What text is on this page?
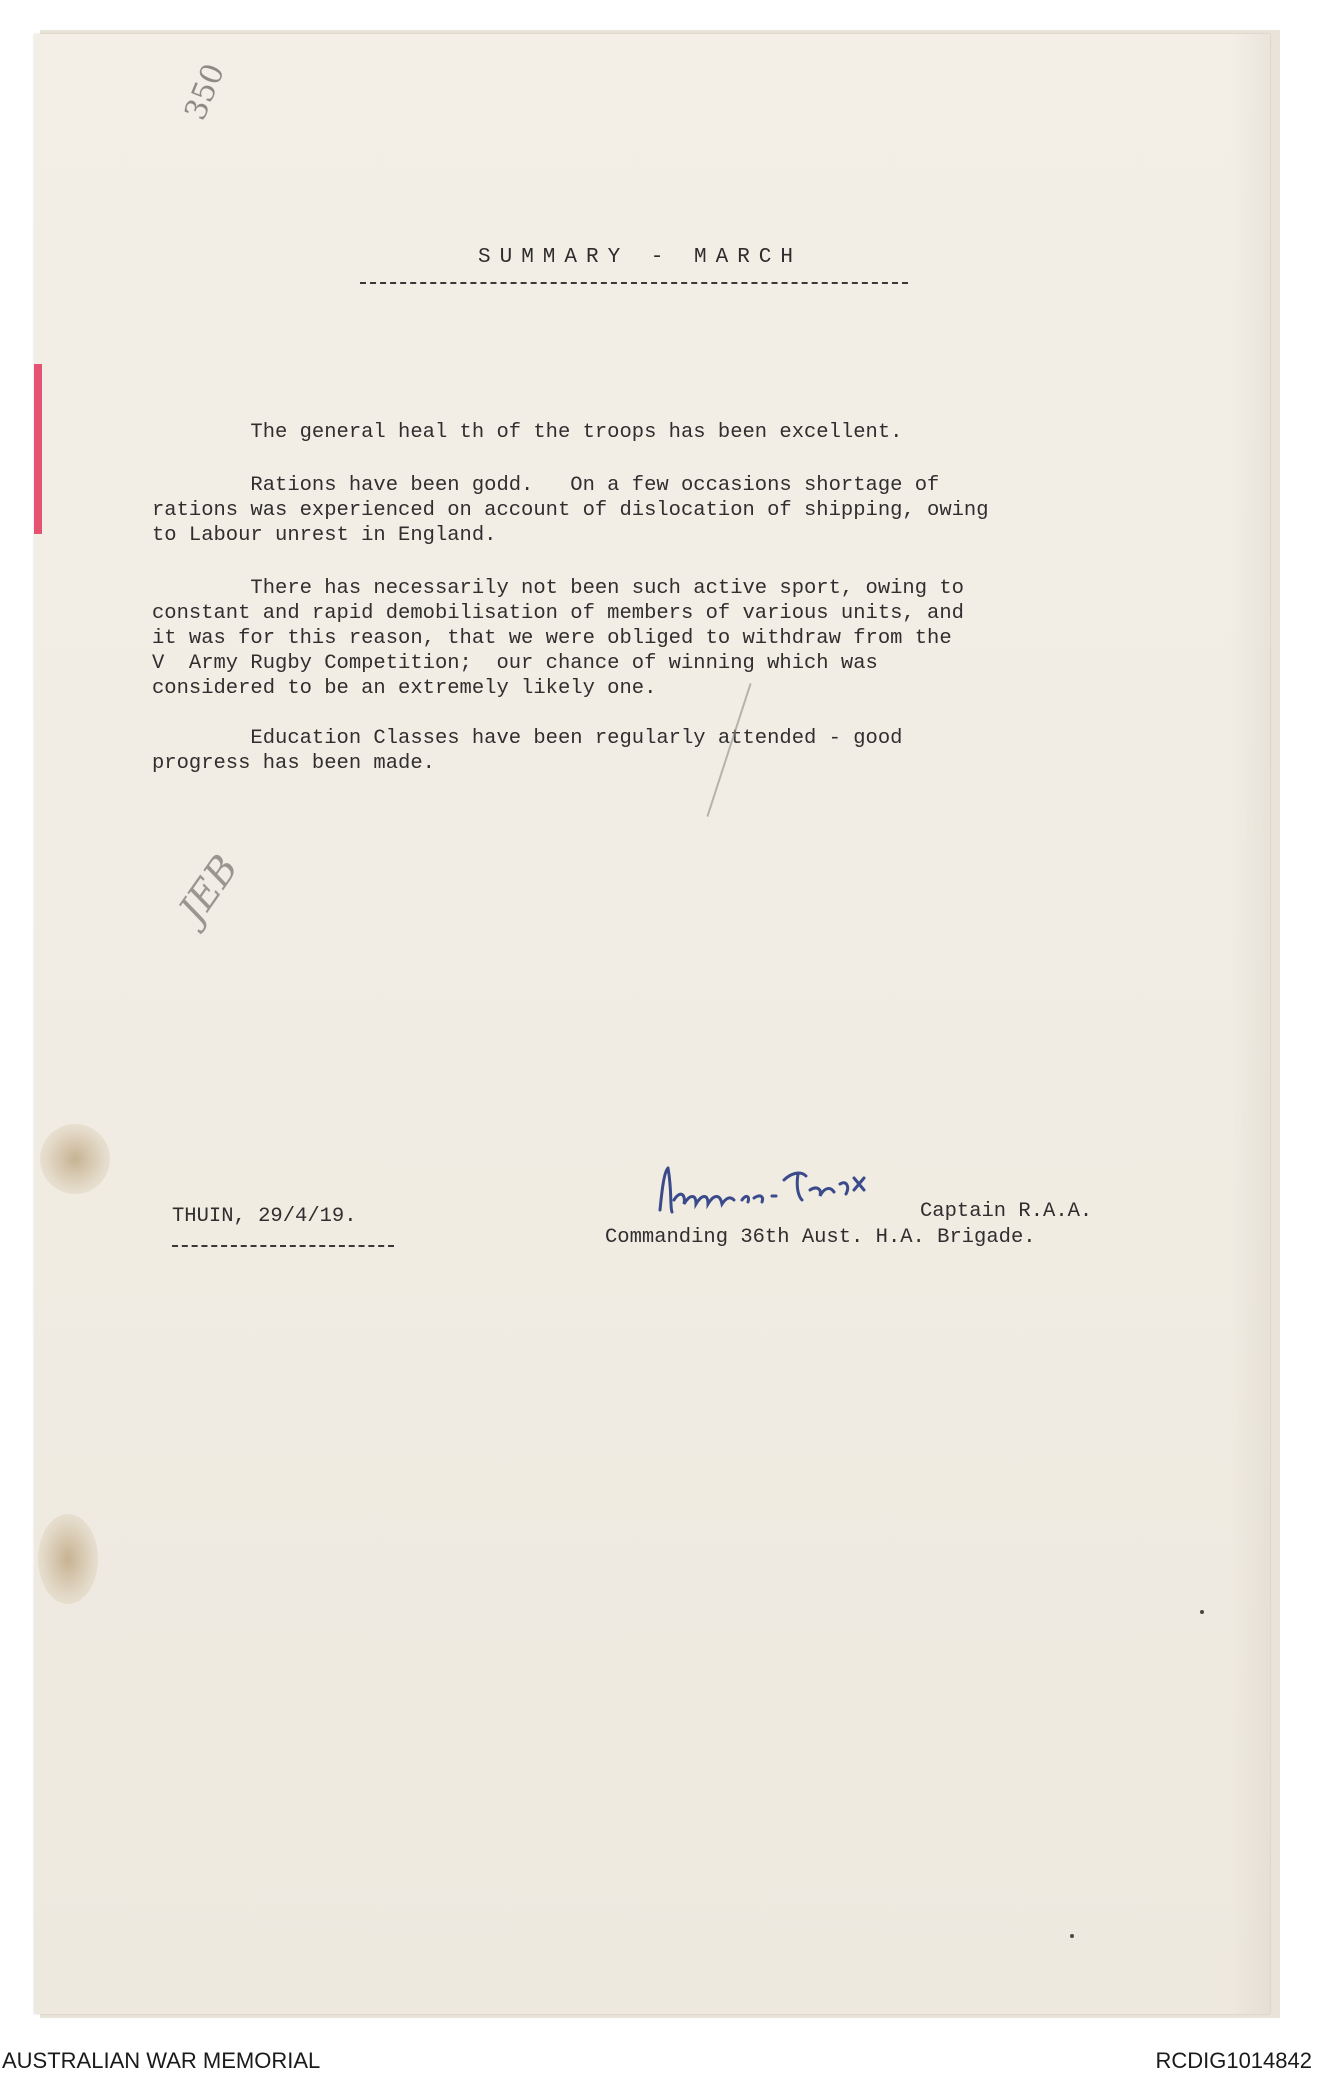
350
SUMMARY - MARCH
The general heal th of the troops has been excellent.
Rations have been godd.   On a few occasions shortage of
rations was experienced on account of dislocation of shipping, owing
to Labour unrest in England.
There has necessarily not been such active sport, owing to
constant and rapid demobilisation of members of various units, and
it was for this reason, that we were obliged to withdraw from the
V  Army Rugby Competition;  our chance of winning which was
considered to be an extremely likely one.
Education Classes have been regularly attended - good
progress has been made.
JEB
THUIN, 29/4/19.	Captain R.A.A.
Commanding 36th Aust. H.A. Brigade.
AUSTRALIAN WAR MEMORIAL	RCDIG1014842
